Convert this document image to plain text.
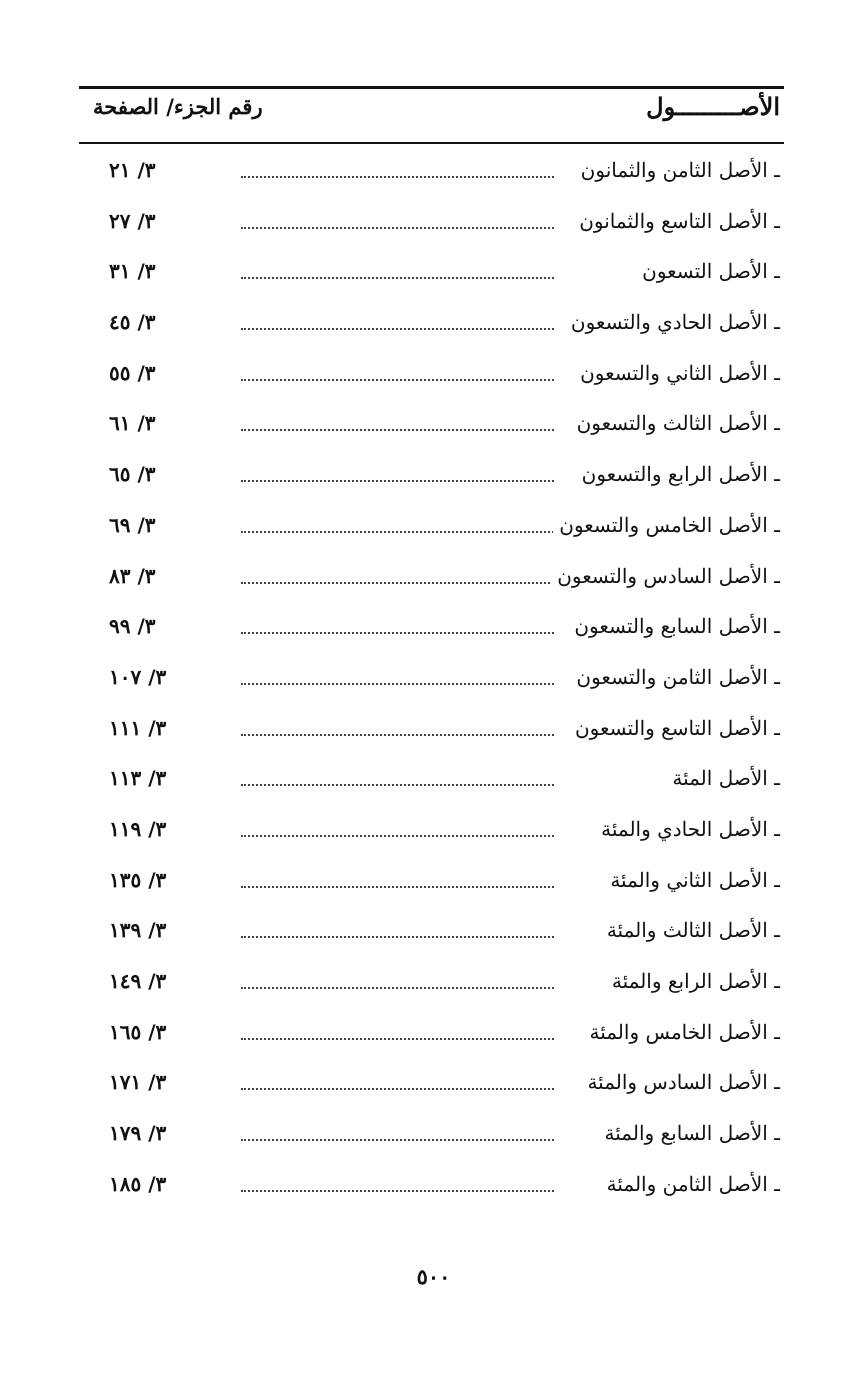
الأصـــــــــول
رقم الجزء/ الصفحة
ـ الأصل الثامن والثمانون
٣/ ٢١
ـ الأصل التاسع والثمانون
٣/ ٢٧
ـ الأصل التسعون
٣/ ٣١
ـ الأصل الحادي والتسعون
٣/ ٤٥
ـ الأصل الثاني والتسعون
٣/ ٥٥
ـ الأصل الثالث والتسعون
٣/ ٦١
ـ الأصل الرابع والتسعون
٣/ ٦٥
ـ الأصل الخامس والتسعون
٣/ ٦٩
ـ الأصل السادس والتسعون
٣/ ٨٣
ـ الأصل السابع والتسعون
٣/ ٩٩
ـ الأصل الثامن والتسعون
٣/ ١٠٧
ـ الأصل التاسع والتسعون
٣/ ١١١
ـ الأصل المئة
٣/ ١١٣
ـ الأصل الحادي والمئة
٣/ ١١٩
ـ الأصل الثاني والمئة
٣/ ١٣٥
ـ الأصل الثالث والمئة
٣/ ١٣٩
ـ الأصل الرابع والمئة
٣/ ١٤٩
ـ الأصل الخامس والمئة
٣/ ١٦٥
ـ الأصل السادس والمئة
٣/ ١٧١
ـ الأصل السابع والمئة
٣/ ١٧٩
ـ الأصل الثامن والمئة
٣/ ١٨٥
٥٠٠
